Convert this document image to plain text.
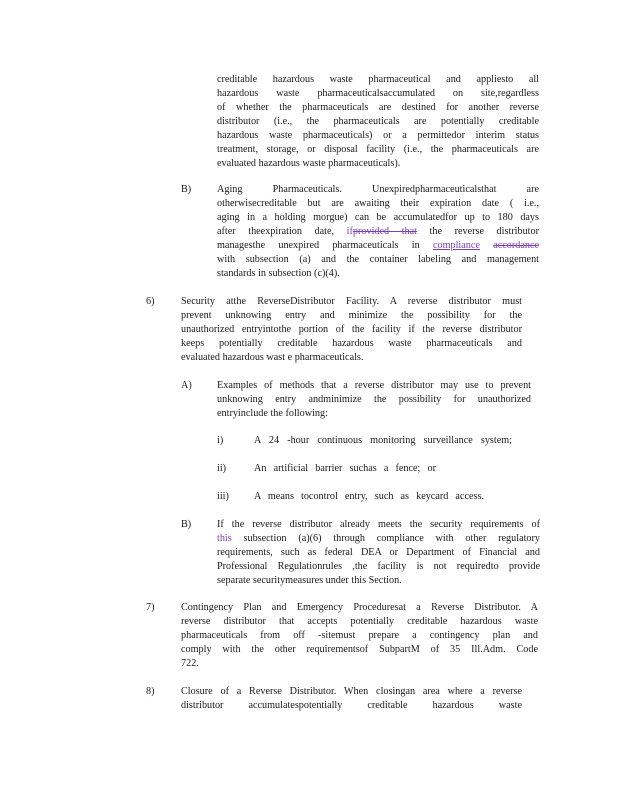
creditable hazardous waste pharmaceutical and appliesto all
hazardous waste pharmaceuticalsaccumulated on site,regardless
of whether the pharmaceuticals are destined for another reverse
distributor (i.e., the pharmaceuticals are potentially creditable
hazardous waste pharmaceuticals) or a permittedor interim status
treatment, storage, or disposal facility (i.e., the pharmaceuticals are
evaluated hazardous waste pharmaceuticals).
B)	Aging Pharmaceuticals. Unexpiredpharmaceuticalsthat are
otherwisecreditable but are awaiting their expiration date ( i.e.,
aging in a holding morgue) can be accumulatedfor up to 180 days
after theexpiration date, ifprovided that the reverse distributor
managesthe unexpired pharmaceuticals in compliance accordance
with subsection (a) and the container labeling and management
standards in subsection (c)(4).
6)	Security atthe ReverseDistributor Facility. A reverse distributor must
prevent unknowing entry and minimize the possibility for the
unauthorized entryintothe portion of the facility if the reverse distributor
keeps potentially creditable hazardous waste pharmaceuticals and
evaluated hazardous wast e pharmaceuticals.
A) Examples of methods that a reverse distributor may use to prevent
unknowing entry andminimize the possibility for unauthorized
entryinclude the following:
i)	A 24 -hour continuous monitoring surveillance system;
ii)	An artificial barrier suchas a fence; or
iii) A means tocontrol entry, such as keycard access.
B)	If the reverse distributor already meets the security requirements of
this subsection (a)(6) through compliance with other regulatory
requirements, such as federal DEA or Department of Financial and
Professional Regulationrules ,the facility is not requiredto provide
separate securitymeasures under this Section.
7)	Contingency Plan and Emergency Proceduresat a Reverse Distributor. A
reverse distributor that accepts potentially creditable hazardous waste
pharmaceuticals from off -sitemust prepare a contingency plan and
comply with the other requirementsof SubpartM of 35 Ill.Adm. Code
722.
8)	Closure of a Reverse Distributor. When closingan area where a reverse
distributor accumulatespotentially creditable hazardous waste
